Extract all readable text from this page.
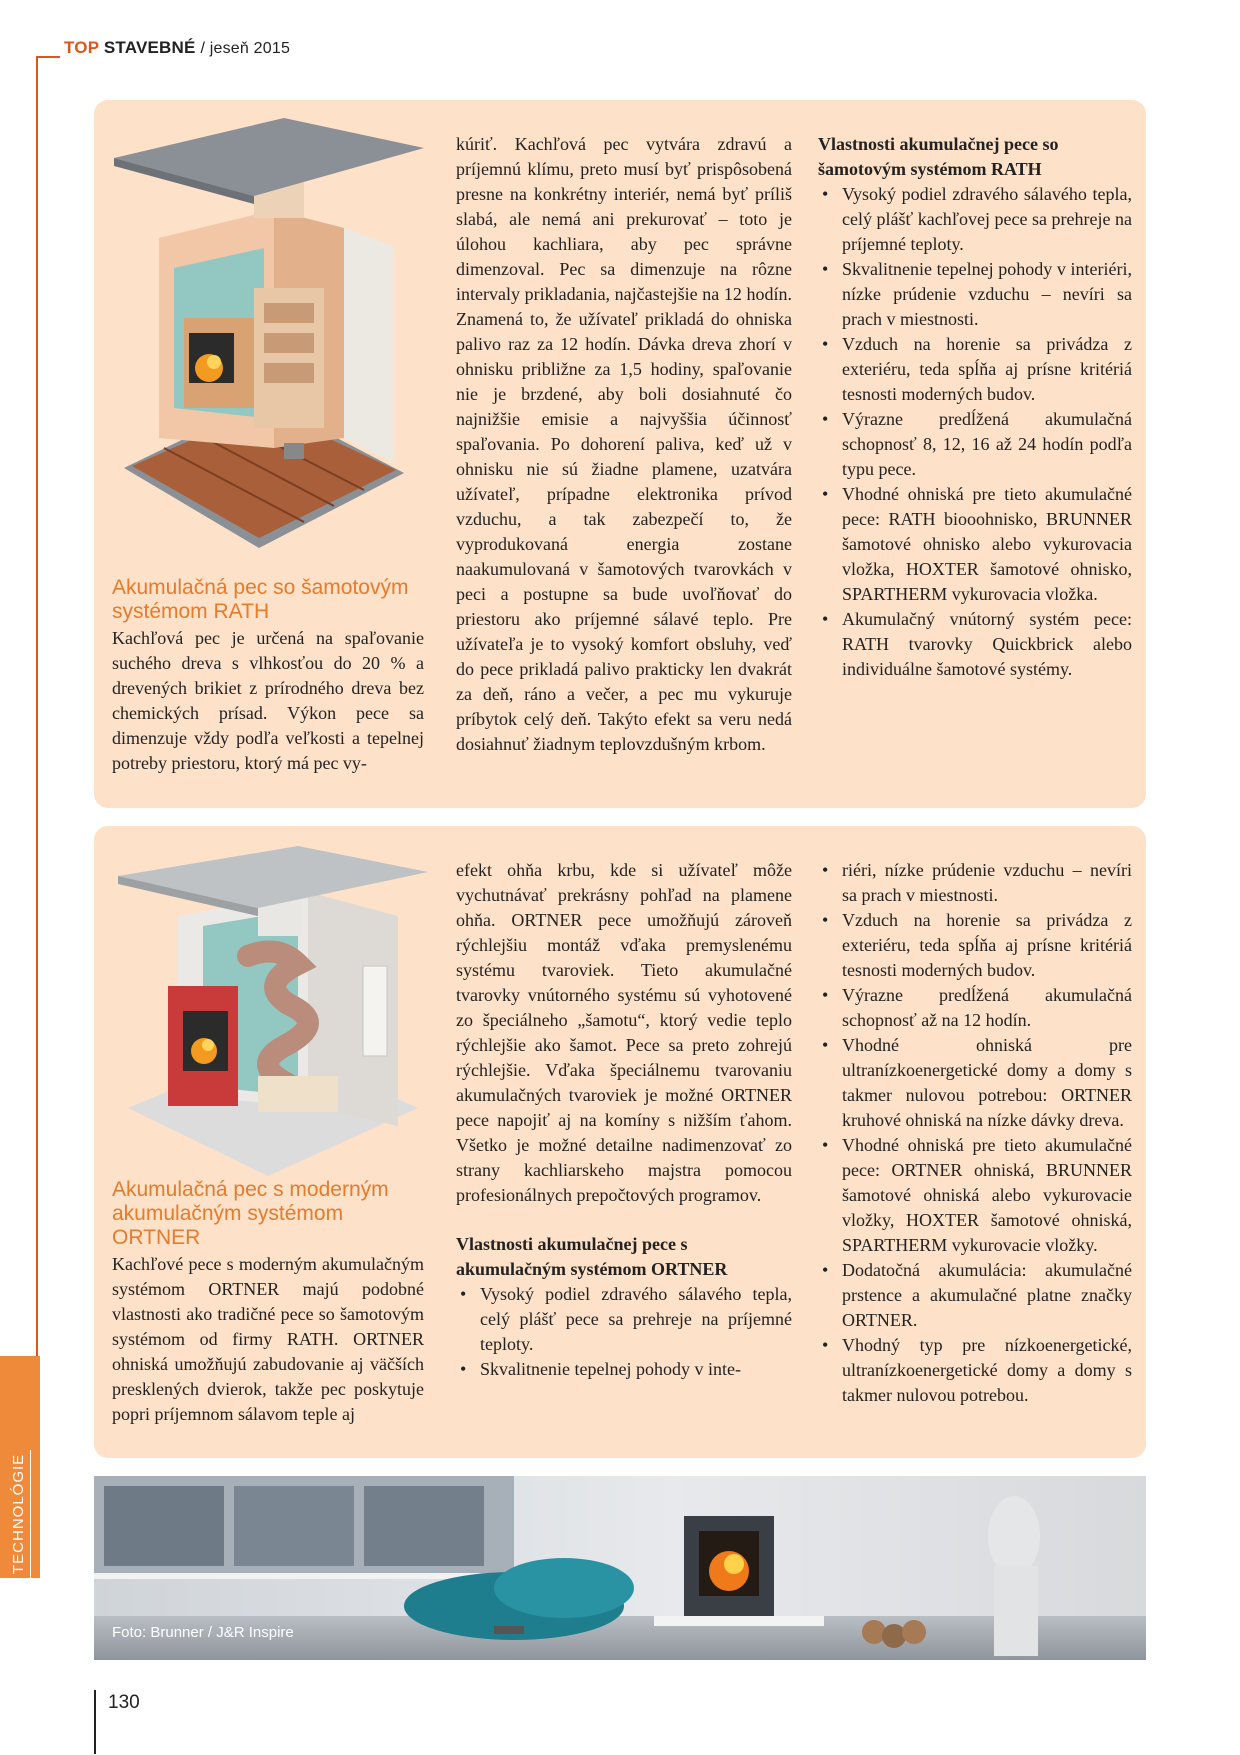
TOP STAVEBNÉ / jeseň 2015
TECHNOLÓGIE
Akumulačná pec so šamotovým systémom RATH

Kachľová pec je určená na spaľovanie suchého dreva s vlhkosťou do 20 % a drevených brikiet z prírodného dreva bez chemických prísad. Výkon pece sa dimenzuje vždy podľa veľkosti a tepelnej potreby priestoru, ktorý má pec vy-

kúriť. Kachľová pec vytvára zdravú a príjemnú klímu, preto musí byť prispôsobená presne na konkrétny interiér, nemá byť príliš slabá, ale nemá ani prekurovať – toto je úlohou kachliara, aby pec správne dimenzoval. Pec sa dimenzuje na rôzne intervaly prikladania, najčastejšie na 12 hodín. Znamená to, že užívateľ prikladá do ohniska palivo raz za 12 hodín. Dávka dreva zhorí v ohnisku približne za 1,5 hodiny, spaľovanie nie je brzdené, aby boli dosiahnuté čo najnižšie emisie a najvyššia účinnosť spaľovania. Po dohorení paliva, keď už v ohnisku nie sú žiadne plamene, uzatvára užívateľ, prípadne elektronika prívod vzduchu, a tak zabezpečí to, že vyprodukovaná energia zostane naakumulovaná v šamotových tvarovkách v peci a postupne sa bude uvoľňovať do priestoru ako príjemné sálavé teplo. Pre užívateľa je to vysoký komfort obsluhy, veď do pece prikladá palivo prakticky len dvakrát za deň, ráno a večer, a pec mu vykuruje príbytok celý deň. Takýto efekt sa veru nedá dosiahnuť žiadnym teplovzdušným krbom.

Vlastnosti akumulačnej pece so šamotovým systémom RATH
• Vysoký podiel zdravého sálavého tepla, celý plášť kachľovej pece sa prehreje na príjemné teploty.
• Skvalitnenie tepelnej pohody v interiéri, nízke prúdenie vzduchu – nevíri sa prach v miestnosti.
• Vzduch na horenie sa privádza z exteriéru, teda spĺňa aj prísne kritériá tesnosti moderných budov.
• Výrazne predĺžená akumulačná schopnosť 8, 12, 16 až 24 hodín podľa typu pece.
• Vhodné ohniská pre tieto akumulačné pece: RATH biooohnisko, BRUNNER šamotové ohnisko alebo vykurovacia vložka, HOXTER šamotové ohnisko, SPARTHERM vykurovacia vložka.
• Akumulačný vnútorný systém pece: RATH tvarovky Quickbrick alebo individuálne šamotové systémy.
Akumulačná pec s moderným akumulačným systémom ORTNER

Kachľové pece s moderným akumulačným systémom ORTNER majú podobné vlastnosti ako tradičné pece so šamotovým systémom od firmy RATH. ORTNER ohniská umožňujú zabudovanie aj väčších presklených dvierok, takže pec poskytuje popri príjemnom sálavom teple aj

efekt ohňa krbu, kde si užívateľ môže vychutnávať prekrásny pohľad na plamene ohňa. ORTNER pece umožňujú zároveň rýchlejšiu montáž vďaka premyslenému systému tvaroviek. Tieto akumulačné tvarovky vnútorného systému sú vyhotovené zo špeciálneho „šamotu“, ktorý vedie teplo rýchlejšie ako šamot. Pece sa preto zohrejú rýchlejšie. Vďaka špeciálnemu tvarovaniu akumulačných tvaroviek je možné ORTNER pece napojiť aj na komíny s nižším ťahom. Všetko je možné detailne nadimenzovať zo strany kachliarskeho majstra pomocou profesionálnych prepočtových programov.

Vlastnosti akumulačnej pece s akumulačným systémom ORTNER
• Vysoký podiel zdravého sálavého tepla, celý plášť pece sa prehreje na príjemné teploty.
• Skvalitnenie tepelnej pohody v inte-
• riéri, nízke prúdenie vzduchu – nevíri sa prach v miestnosti.
• Vzduch na horenie sa privádza z exteriéru, teda spĺňa aj prísne kritériá tesnosti moderných budov.
• Výrazne predĺžená akumulačná schopnosť až na 12 hodín.
• Vhodné ohniská pre ultranízkoenergetické domy a domy s takmer nulovou potrebou: ORTNER kruhové ohniská na nízke dávky dreva.
• Vhodné ohniská pre tieto akumulačné pece: ORTNER ohniská, BRUNNER šamotové ohniská alebo vykurovacie vložky, HOXTER šamotové ohniská, SPARTHERM vykurovacie vložky.
• Dodatočná akumulácia: akumulačné prstence a akumulačné platne značky ORTNER.
• Vhodný typ pre nízkoenergetické, ultranízkoenergetické domy a domy s takmer nulovou potrebou.
Foto: Brunner / J&R Inspire
130
